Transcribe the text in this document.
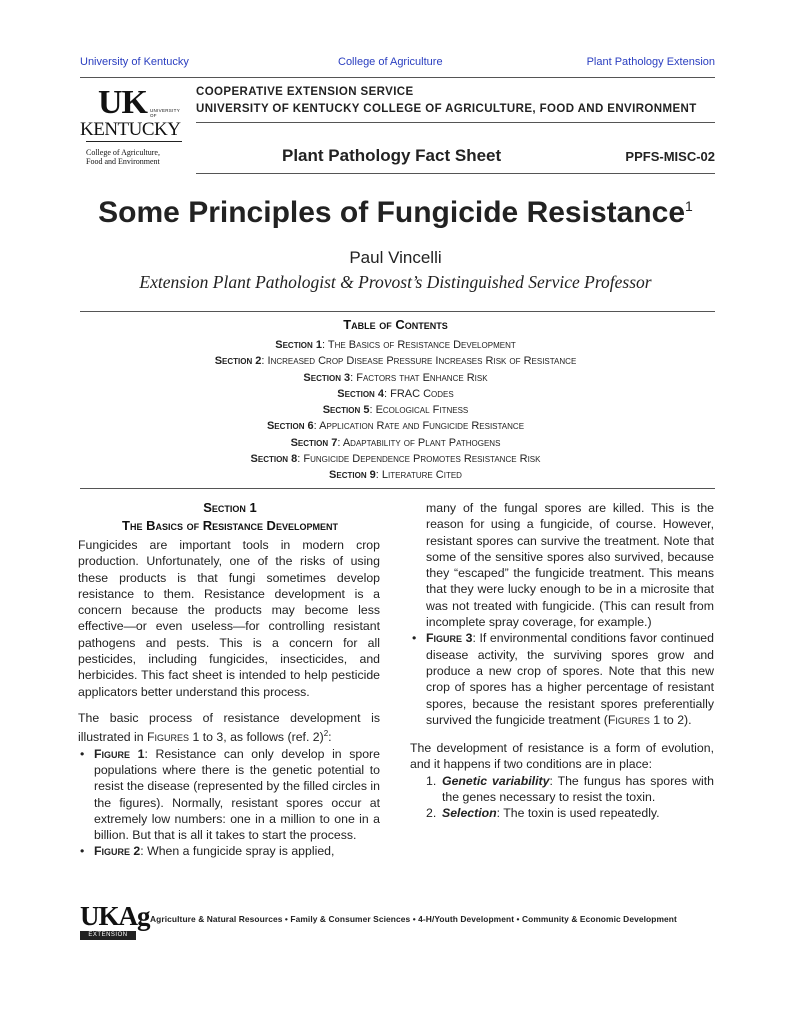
University of Kentucky	College of Agriculture	Plant Pathology Extension
UK UNIVERSITY OF
KENTUCKY
College of Agriculture,
Food and Environment
COOPERATIVE EXTENSION SERVICE
UNIVERSITY OF KENTUCKY COLLEGE OF AGRICULTURE, FOOD AND ENVIRONMENT
Plant Pathology Fact Sheet	PPFS-MISC-02
Some Principles of Fungicide Resistance$^1$
Paul Vincelli
Extension Plant Pathologist & Provost’s Distinguished Service Professor
Table of Contents
Section 1: The Basics of Resistance Development
Section 2: Increased Crop Disease Pressure Increases Risk of Resistance
Section 3: Factors that Enhance Risk
Section 4: FRAC Codes
Section 5: Ecological Fitness
Section 6: Application Rate and Fungicide Resistance
Section 7: Adaptability of Plant Pathogens
Section 8: Fungicide Dependence Promotes Resistance Risk
Section 9: Literature Cited
Section 1
The Basics of Resistance Development

Fungicides are important tools in modern crop production. Unfortunately, one of the risks of using these products is that fungi sometimes develop resistance to them. Resistance development is a concern because the products may become less effective—or even useless—for controlling resistant pathogens and pests. This is a concern for all pesticides, including fungicides, insecticides, and herbicides. This fact sheet is intended to help pesticide applicators better understand this process.

The basic process of resistance development is illustrated in Figures 1 to 3, as follows (ref. 2)$^2$:

• Figure 1: Resistance can only develop in spore populations where there is the genetic potential to resist the disease (represented by the filled circles in the figures). Normally, resistant spores occur at extremely low numbers: one in a million to one in a billion. But that is all it takes to start the process.
• Figure 2: When a fungicide spray is applied,

many of the fungal spores are killed. This is the reason for using a fungicide, of course. However, resistant spores can survive the treatment. Note that some of the sensitive spores also survived, because they “escaped” the fungicide treatment. This means that they were lucky enough to be in a microsite that was not treated with fungicide. (This can result from incomplete spray coverage, for example.)

• Figure 3: If environmental conditions favor continued disease activity, the surviving spores grow and produce a new crop of spores. Note that this new crop of spores has a higher percentage of resistant spores, because the resistant spores preferentially survived the fungicide treatment (Figures 1 to 2).

The development of resistance is a form of evolution, and it happens if two conditions are in place:

1. Genetic variability: The fungus has spores with the genes necessary to resist the toxin.
2. Selection: The toxin is used repeatedly.
UKAg
EXTENSION
Agriculture & Natural Resources • Family & Consumer Sciences • 4-H/Youth Development • Community & Economic Development
